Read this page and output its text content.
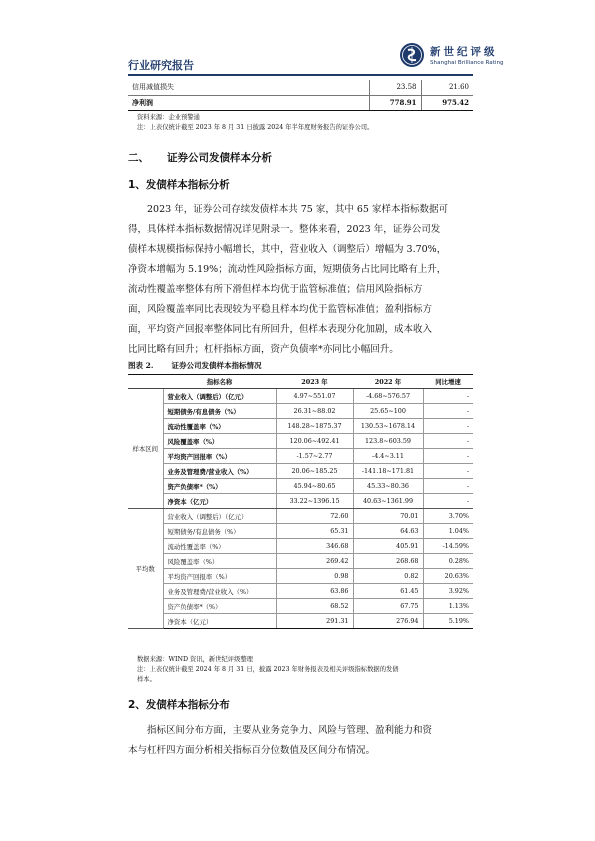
行业研究报告
新世纪评级
Shanghai Brilliance Rating
信用减值损失	23.58	21.60
净利润	778.91	975.42
资料来源：企业预警通
注：上表仅统计截至 2023 年 8 月 31 日披露 2024 年半年度财务报告的证券公司。
二、 证券公司发债样本分析
1、发债样本指标分析
2023 年，证券公司存续发债样本共 75 家，其中 65 家样本指标数据可
得，具体样本指标数据情况详见附录一。整体来看，2023 年，证券公司发
债样本规模指标保持小幅增长，其中，营业收入（调整后）增幅为 3.70%，
净资本增幅为 5.19%；流动性风险指标方面，短期债务占比同比略有上升，
流动性覆盖率整体有所下滑但样本均优于监管标准值；信用风险指标方
面，风险覆盖率同比表现较为平稳且样本均优于监管标准值；盈利指标方
面，平均资产回报率整体同比有所回升，但样本表现分化加剧，成本收入
比同比略有回升；杠杆指标方面，资产负债率*亦同比小幅回升。
图表 2. 证券公司发债样本指标情况
	指标名称	2023 年	2022 年	同比增速
样本区间	营业收入（调整后）（亿元）	4.97~551.07	-4.68~576.57	-
	短期债务/有息债务（%）	26.31~88.02	25.65~100	-
	流动性覆盖率（%）	148.28~1875.37	130.53~1678.14	-
	风险覆盖率（%）	120.06~492.41	123.8~603.59	-
	平均资产回报率（%）	-1.57~2.77	-4.4~3.11	-
	业务及管理费/营业收入（%）	20.06~185.25	-141.18~171.81	-
	资产负债率*（%）	45.94~80.65	45.33~80.36	-
	净资本（亿元）	33.22~1396.15	40.63~1361.99	-
平均数	营业收入（调整后）（亿元）	72.60	70.01	3.70%
	短期债务/有息债务（%）	65.31	64.63	1.04%
	流动性覆盖率（%）	346.68	405.91	-14.59%
	风险覆盖率（%）	269.42	268.68	0.28%
	平均资产回报率（%）	0.98	0.82	20.63%
	业务及管理费/营业收入（%）	63.86	61.45	3.92%
	资产负债率*（%）	68.52	67.75	1.13%
	净资本（亿元）	291.31	276.94	5.19%
数据来源：WIND 资讯，新世纪评级整理
注：上表仅统计截至 2024 年 8 月 31 日，披露 2023 年财务报表及相关评级指标数据的发债
样本。
2、发债样本指标分布
指标区间分布方面，主要从业务竞争力、风险与管理、盈利能力和资
本与杠杆四方面分析相关指标百分位数值及区间分布情况。
